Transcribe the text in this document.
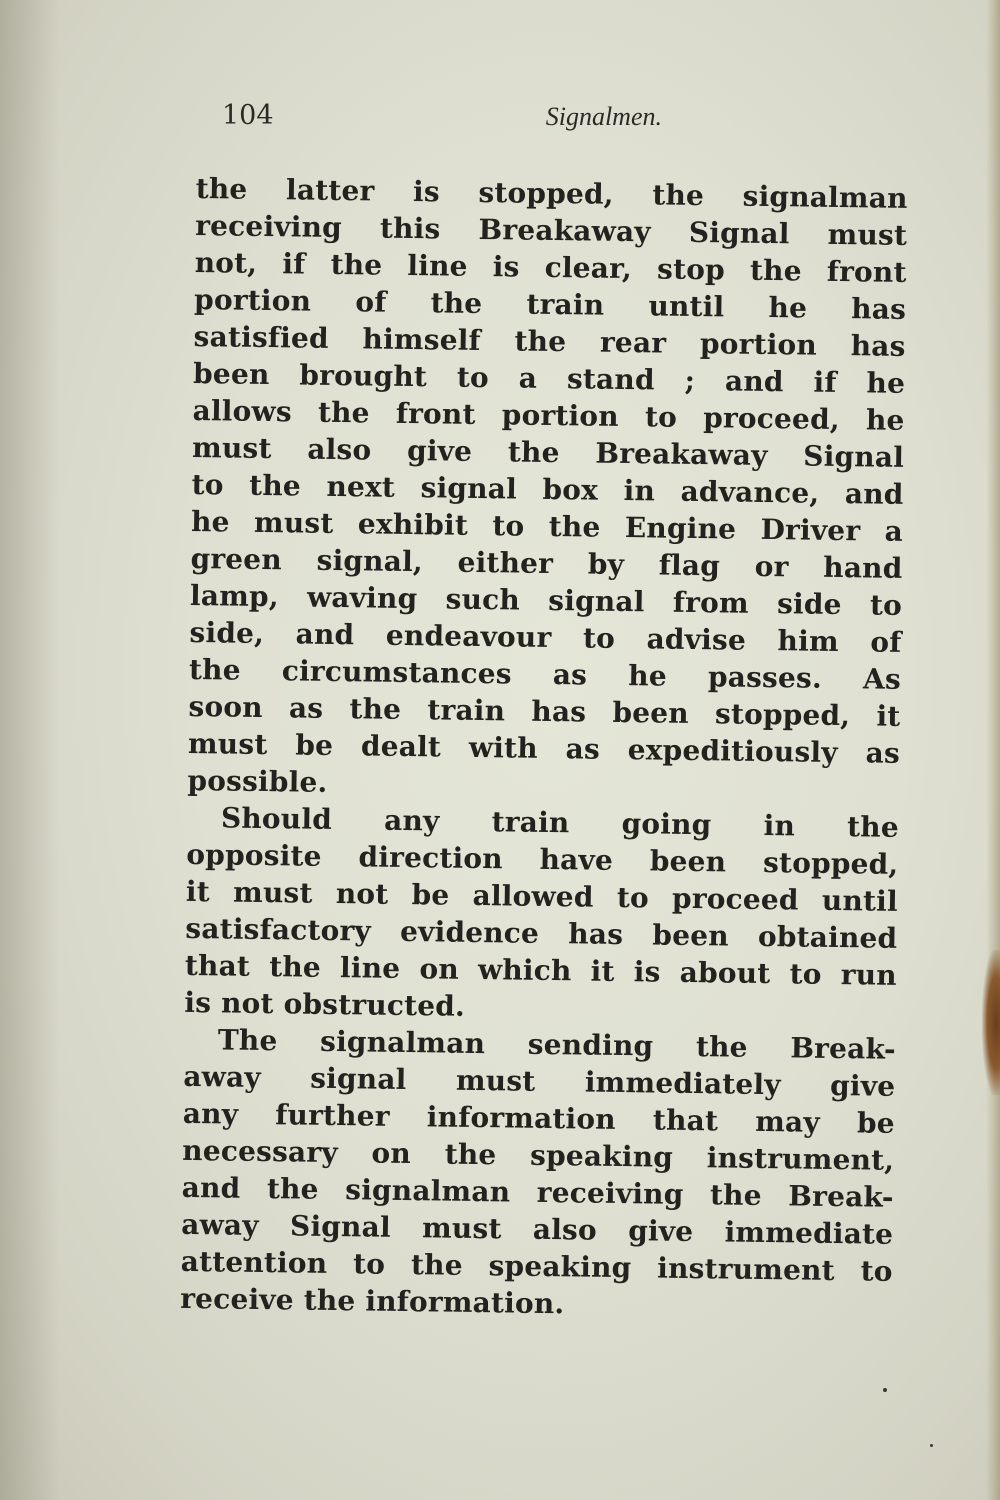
104	Signalmen.
the latter is stopped, the signalman
receiving this Breakaway Signal must
not, if the line is clear, stop the front
portion of the train until he has
satisfied himself the rear portion has
been brought to a stand ; and if he
allows the front portion to proceed, he
must also give the Breakaway Signal
to the next signal box in advance, and
he must exhibit to the Engine Driver a
green signal, either by flag or hand
lamp, waving such signal from side to
side, and endeavour to advise him of
the circumstances as he passes. As
soon as the train has been stopped, it
must be dealt with as expeditiously as
possible.
Should any train going in the
opposite direction have been stopped,
it must not be allowed to proceed until
satisfactory evidence has been obtained
that the line on which it is about to run
is not obstructed.
The signalman sending the Break-
away signal must immediately give
any further information that may be
necessary on the speaking instrument,
and the signalman receiving the Break-
away Signal must also give immediate
attention to the speaking instrument to
receive the information.
